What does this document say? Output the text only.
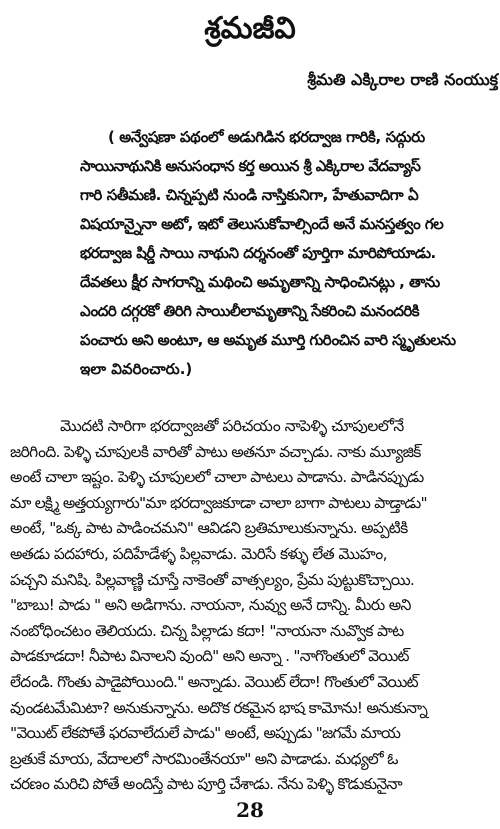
శ్రమజీవి
శ్రీమతి ఎక్కిరాల రాణి నంయుక్త
( అన్వేషణా పథంలో అడుగిడిన భరద్వాజ గారికి, సద్గురు
సాయినాథునికి అనుసంధాన కర్త అయిన శ్రీ ఎక్కిరాల వేదవ్యాస్
గారి సతీమణి. చిన్నప్పటి నుండి నాస్తికునిగా, హేతువాదిగా ఏ
విషయాన్నైనా అటో, ఇటో తెలుసుకోవాల్సిందే అనే మనస్తత్వం గల
భరద్వాజ షిర్డీ సాయి నాథుని దర్శనంతో పూర్తిగా మారిపోయాడు.
దేవతలు క్షీర సాగరాన్ని మథించి అమృతాన్ని సాధించినట్లు , తాను
ఎందరి దగ్గరకో తిరిగి సాయిలీలామృతాన్ని సేకరించి మనందరికి
పంచారు అని అంటూ, ఆ అమృత మూర్తి గురించిన వారి స్మృతులను
ఇలా వివరించారు.)
మొదటి సారిగా భరద్వాజతో పరిచయం నాపెళ్ళి చూపులలోనే
జరిగింది. పెళ్ళి చూపులకి వారితో పాటు అతనూ వచ్చాడు. నాకు మ్యూజిక్
అంటే చాలా ఇష్టం. పెళ్ళి చూపులలో చాలా పాటలు పాడాను. పాడినప్పుడు
మా లక్ష్మి అత్తయ్యగారు"మా భరద్వాజకూడా చాలా బాగా పాటలు పాడ్తాడు"
అంటే, "ఒక్క పాట పాడించమని" ఆవిడని బ్రతిమాలుకున్నాను. అప్పటికి
అతడు పదహారు, పదిహేడేళ్ళ పిల్లవాడు. మెరిసే కళ్ళు లేత మొహం,
పచ్చని మనిషి. పిల్లవాణ్ణి చూస్తే నాకెంతో వాత్సల్యం, ప్రేమ పుట్టుకొచ్చాయి.
"బాబు! పాడు " అని అడిగాను. నాయనా, నువ్వు అనే దాన్ని. మీరు అని
నంబోధించటం తెలియదు. చిన్న పిల్లాడు కదా! "నాయనా నువ్వొక పాట
పాడకూడదా! నీపాట వినాలని వుంది" అని అన్నా . "నాగొంతులో వెయిట్
లేదండి. గొంతు పాడైపోయింది." అన్నాడు. వెయిట్ లేదా! గొంతులో వెయిట్
వుండటమేమిటా? అనుకున్నాను. అదొక రకమైన భాష కామోను! అనుకున్నా
"వెయిట్ లేకపోతే ఫరవాలేదులే పాడు" అంటే, అప్పుడు "జగమే మాయ
బ్రతుకే మాయ, వేదాలలో సారమింతేనయా" అని పాడాడు. మధ్యలో ఓ
చరణం మరిచి పోతే అందిస్తే పాట పూర్తి చేశాడు. నేను పెళ్ళి కొడుకునైనా
28
